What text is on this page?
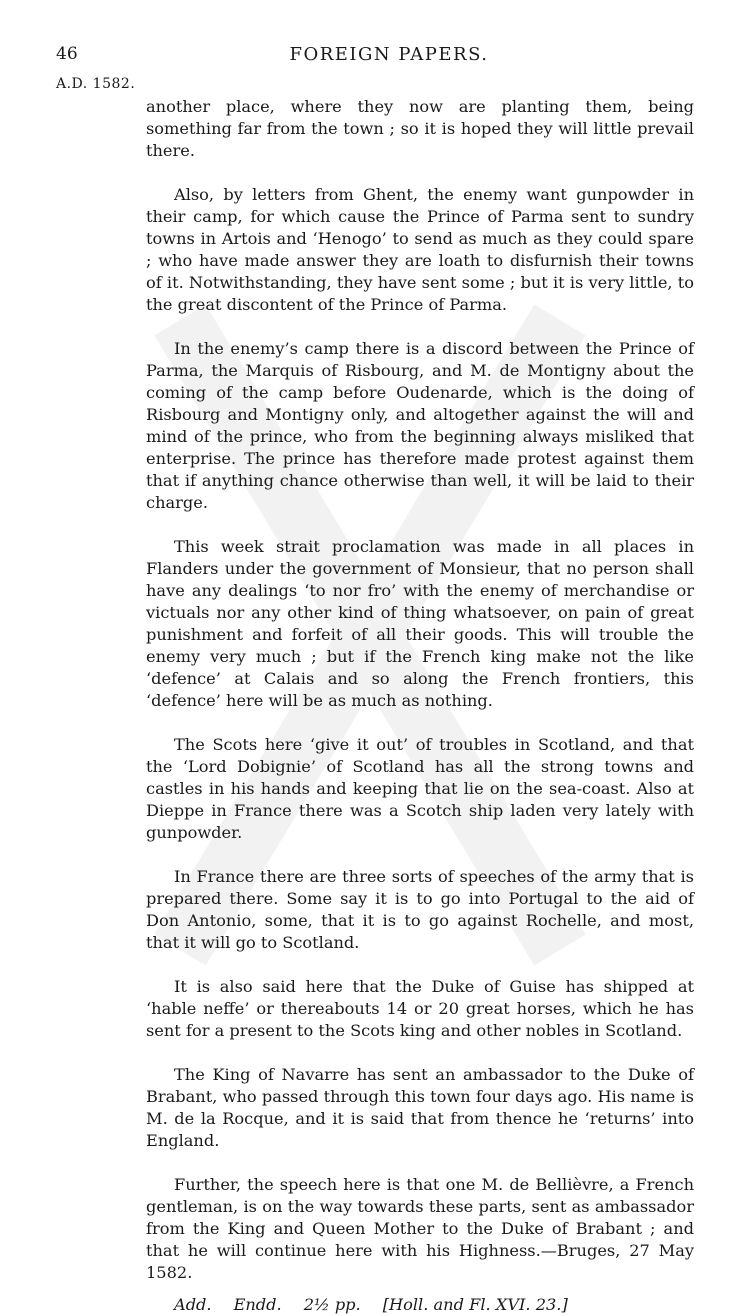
46	FOREIGN PAPERS.
A.D. 1582.

another place, where they now are planting them, being something far from the town ; so it is hoped they will little prevail there.

Also, by letters from Ghent, the enemy want gunpowder in their camp, for which cause the Prince of Parma sent to sundry towns in Artois and ‘Henogo’ to send as much as they could spare ; who have made answer they are loath to disfurnish their towns of it. Notwithstanding, they have sent some ; but it is very little, to the great discontent of the Prince of Parma.

In the enemy’s camp there is a discord between the Prince of Parma, the Marquis of Risbourg, and M. de Montigny about the coming of the camp before Oudenarde, which is the doing of Risbourg and Montigny only, and altogether against the will and mind of the prince, who from the beginning always misliked that enterprise. The prince has therefore made protest against them that if anything chance otherwise than well, it will be laid to their charge.

This week strait proclamation was made in all places in Flanders under the government of Monsieur, that no person shall have any dealings ‘to nor fro’ with the enemy of merchandise or victuals nor any other kind of thing whatsoever, on pain of great punishment and forfeit of all their goods. This will trouble the enemy very much ; but if the French king make not the like ‘defence’ at Calais and so along the French frontiers, this ‘defence’ here will be as much as nothing.

The Scots here ‘give it out’ of troubles in Scotland, and that the ‘Lord Dobignie’ of Scotland has all the strong towns and castles in his hands and keeping that lie on the sea-coast. Also at Dieppe in France there was a Scotch ship laden very lately with gunpowder.

In France there are three sorts of speeches of the army that is prepared there. Some say it is to go into Portugal to the aid of Don Antonio, some, that it is to go against Rochelle, and most, that it will go to Scotland.

It is also said here that the Duke of Guise has shipped at ‘hable neffe’ or thereabouts 14 or 20 great horses, which he has sent for a present to the Scots king and other nobles in Scotland.

The King of Navarre has sent an ambassador to the Duke of Brabant, who passed through this town four days ago. His name is M. de la Rocque, and it is said that from thence he ‘returns’ into England.

Further, the speech here is that one M. de Bellièvre, a French gentleman, is on the way towards these parts, sent as ambassador from the King and Queen Mother to the Duke of Brabant ; and that he will continue here with his Highness.—Bruges, 27 May 1582.

Add. Endd. 2½ pp. [Holl. and Fl. XVI. 23.]
